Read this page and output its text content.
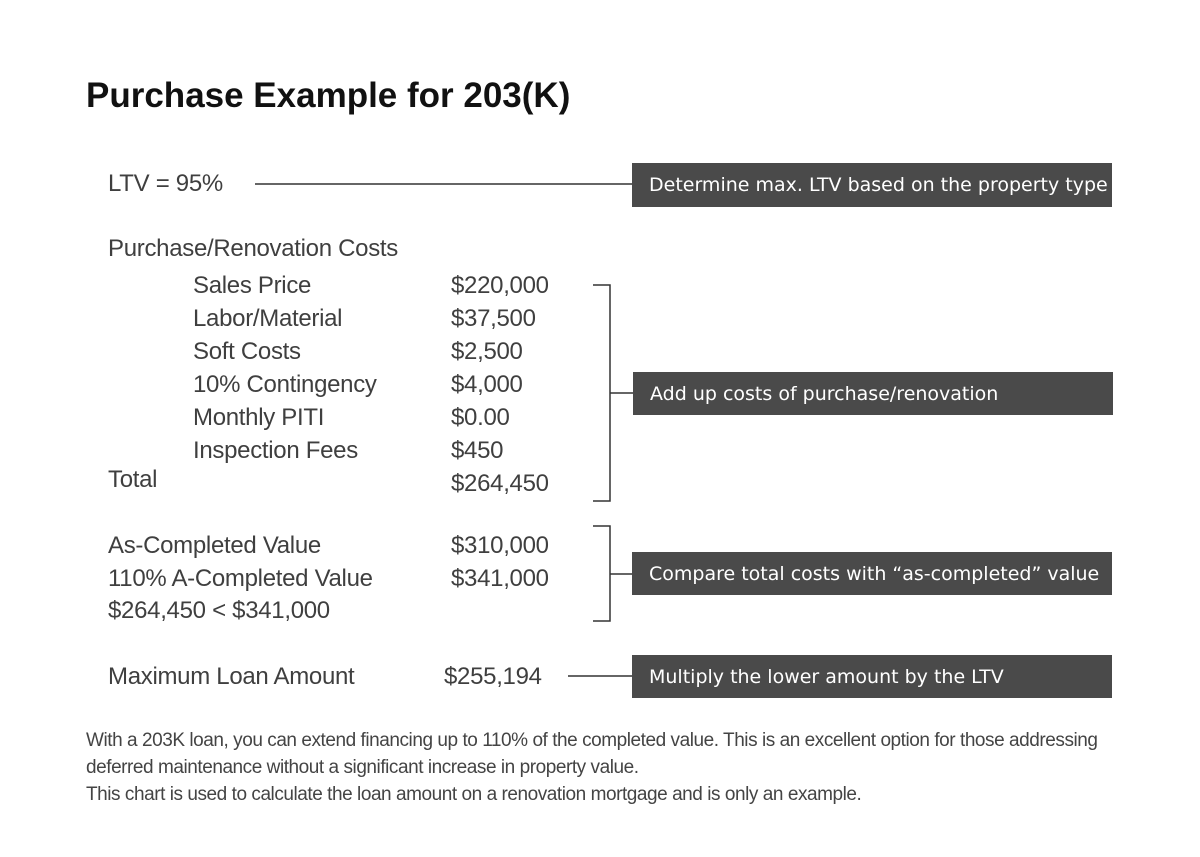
Purchase Example for 203(K)
LTV = 95%
Purchase/Renovation Costs
Sales Price	$220,000
Labor/Material	$37,500
Soft Costs	$2,500
10% Contingency	$4,000
Monthly PITI	$0.00
Inspection Fees	$450
Total	$264,450
As-Completed Value	$310,000
110% A-Completed Value	$341,000
$264,450 < $341,000
Maximum Loan Amount	$255,194
Determine max. LTV based on the property type
Add up costs of purchase/renovation
Compare total costs with “as-completed” value
Multiply the lower amount by the LTV
With a 203K loan, you can extend financing up to 110% of the completed value. This is an excellent option for those addressing
deferred maintenance without a significant increase in property value.
This chart is used to calculate the loan amount on a renovation mortgage and is only an example.
